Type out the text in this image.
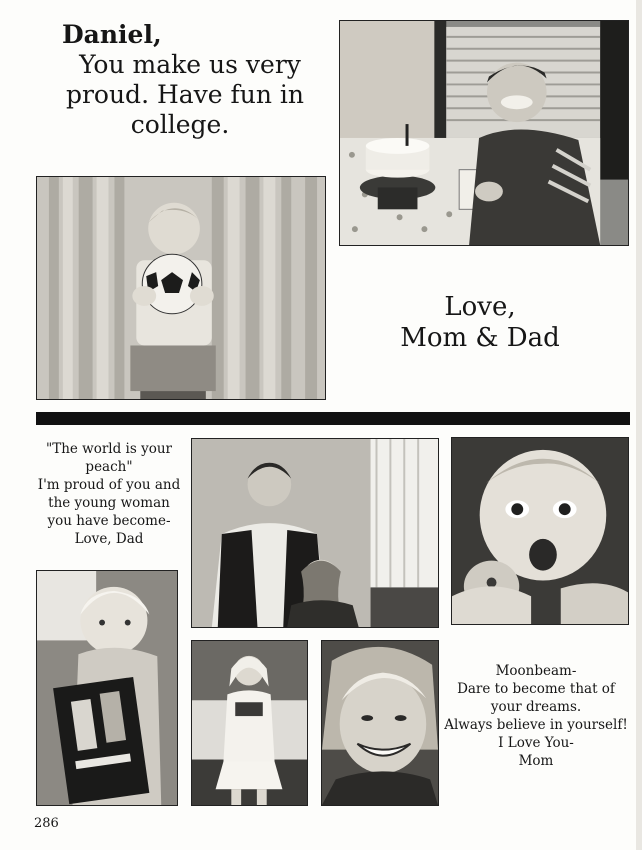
Daniel,
You make us very
proud. Have fun in
college.
Love,
Mom & Dad
"The world is your
peach"
I'm proud of you and
the young woman
you have become-
Love, Dad
Moonbeam-
Dare to become that of
your dreams.
Always believe in yourself!
I Love You-
Mom
286
